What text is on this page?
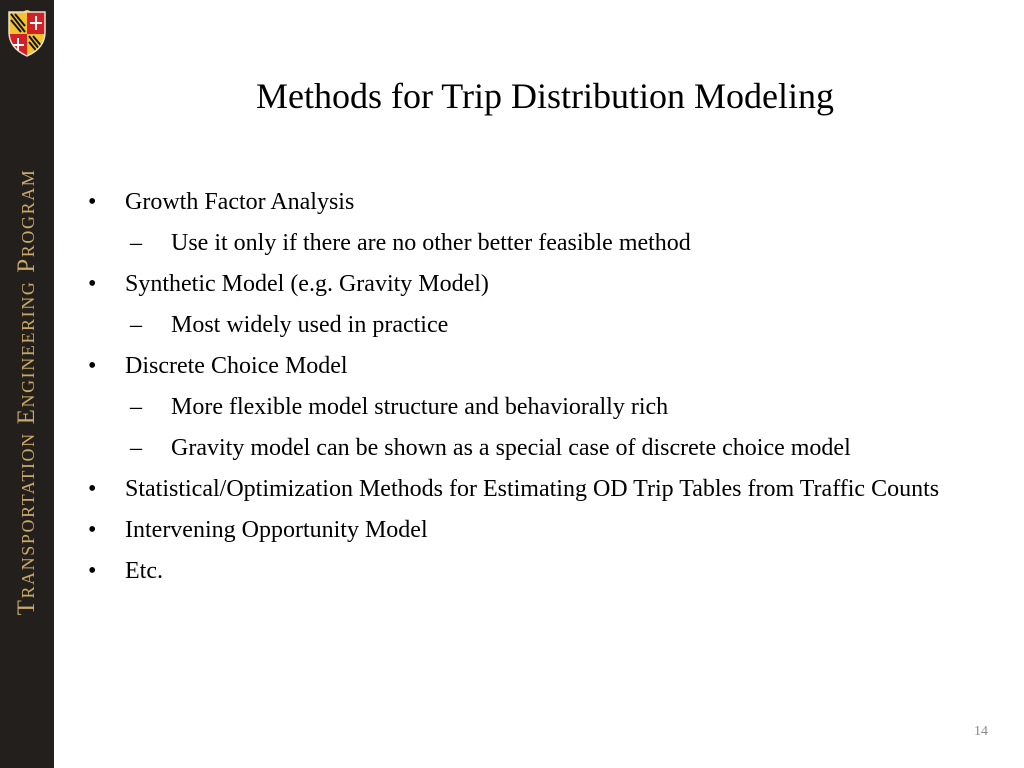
Transportation Engineering Program
Methods for Trip Distribution Modeling
• Growth Factor Analysis
– Use it only if there are no other better feasible method
• Synthetic Model (e.g. Gravity Model)
– Most widely used in practice
• Discrete Choice Model
– More flexible model structure and behaviorally rich
– Gravity model can be shown as a special case of discrete choice model
• Statistical/Optimization Methods for Estimating OD Trip Tables from Traffic Counts
• Intervening Opportunity Model
• Etc.
14
